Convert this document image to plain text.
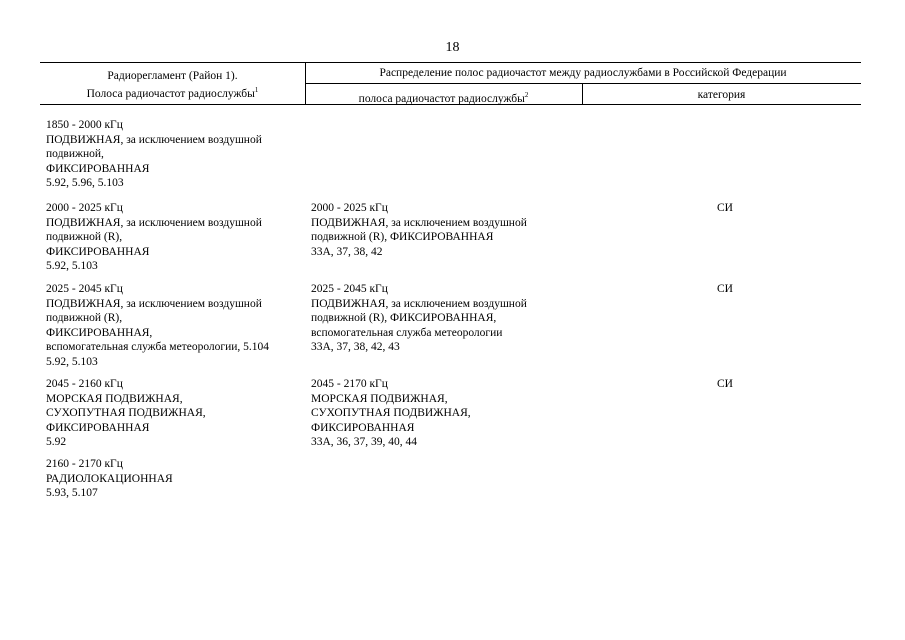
18
Радиорегламент (Район 1).
Полоса радиочастот радиослужбы$^1$
Распределение полос радиочастот между радиослужбами в Российской Федерации
полоса радиочастот радиослужбы$^2$	категория
1850 - 2000 кГц
ПОДВИЖНАЯ, за исключением воздушной
подвижной,
ФИКСИРОВАННАЯ
5.92, 5.96, 5.103
2000 - 2025 кГц
ПОДВИЖНАЯ, за исключением воздушной
подвижной (R),
ФИКСИРОВАННАЯ
5.92, 5.103
2000 - 2025 кГц
ПОДВИЖНАЯ, за исключением воздушной
подвижной (R), ФИКСИРОВАННАЯ
33А, 37, 38, 42
СИ
2025 - 2045 кГц
ПОДВИЖНАЯ, за исключением воздушной
подвижной (R),
ФИКСИРОВАННАЯ,
вспомогательная служба метеорологии, 5.104
5.92, 5.103
2025 - 2045 кГц
ПОДВИЖНАЯ, за исключением воздушной
подвижной (R), ФИКСИРОВАННАЯ,
вспомогательная служба метеорологии
33А, 37, 38, 42, 43
СИ
2045 - 2160 кГц
МОРСКАЯ ПОДВИЖНАЯ,
СУХОПУТНАЯ ПОДВИЖНАЯ,
ФИКСИРОВАННАЯ
5.92
2045 - 2170 кГц
МОРСКАЯ ПОДВИЖНАЯ,
СУХОПУТНАЯ ПОДВИЖНАЯ,
ФИКСИРОВАННАЯ
33А, 36, 37, 39, 40, 44
СИ
2160 - 2170 кГц
РАДИОЛОКАЦИОННАЯ
5.93, 5.107
